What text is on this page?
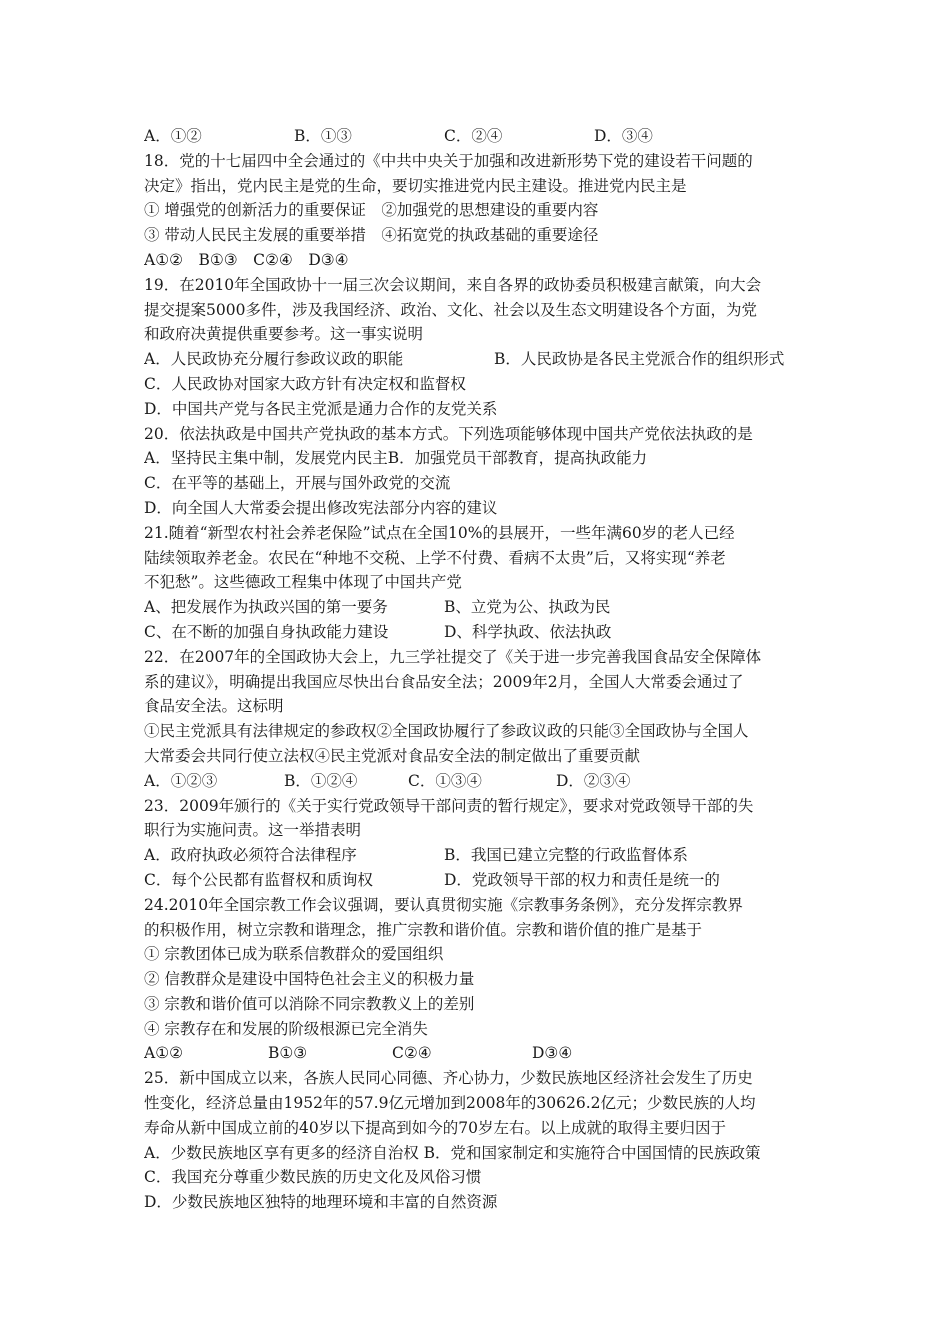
A．①②	B．①③	C．②④	D．③④
18．党的十七届四中全会通过的《中共中央关于加强和改进新形势下党的建设若干问题的
决定》指出，党内民主是党的生命，要切实推进党内民主建设。推进党内民主是
① 增强党的创新活力的重要保证　②加强党的思想建设的重要内容
③ 带动人民民主发展的重要举措　④拓宽党的执政基础的重要途径
A①②　B①③　C②④　D③④
19．在2010年全国政协十一届三次会议期间，来自各界的政协委员积极建言献策，向大会
提交提案5000多件，涉及我国经济、政治、文化、社会以及生态文明建设各个方面，为党
和政府决黄提供重要参考。这一事实说明
A．人民政协充分履行参政议政的职能	B．人民政协是各民主党派合作的组织形式
C．人民政协对国家大政方针有决定权和监督权
D．中国共产党与各民主党派是通力合作的友党关系
20．依法执政是中国共产党执政的基本方式。下列选项能够体现中国共产党依法执政的是
A．坚持民主集中制，发展党内民主B．加强党员干部教育，提高执政能力
C．在平等的基础上，开展与国外政党的交流
D．向全国人大常委会提出修改宪法部分内容的建议
21.随着“新型农村社会养老保险”试点在全国10%的县展开，一些年满60岁的老人已经
陆续领取养老金。农民在“种地不交税、上学不付费、看病不太贵”后，又将实现“养老
不犯愁”。这些德政工程集中体现了中国共产党
A、把发展作为执政兴国的第一要务	B、立党为公、执政为民
C、在不断的加强自身执政能力建设	D、科学执政、依法执政
22．在2007年的全国政协大会上，九三学社提交了《关于进一步完善我国食品安全保障体
系的建议》，明确提出我国应尽快出台食品安全法；2009年2月，全国人大常委会通过了
食品安全法。这标明
①民主党派具有法律规定的参政权②全国政协履行了参政议政的只能③全国政协与全国人
大常委会共同行使立法权④民主党派对食品安全法的制定做出了重要贡献
A．①②③	B．①②④	C．①③④	D．②③④
23．2009年颁行的《关于实行党政领导干部问责的暂行规定》，要求对党政领导干部的失
职行为实施问责。这一举措表明
A．政府执政必须符合法律程序	B．我国已建立完整的行政监督体系
C．每个公民都有监督权和质询权	D．党政领导干部的权力和责任是统一的
24.2010年全国宗教工作会议强调，要认真贯彻实施《宗教事务条例》，充分发挥宗教界
的积极作用，树立宗教和谐理念，推广宗教和谐价值。宗教和谐价值的推广是基于
① 宗教团体已成为联系信教群众的爱国组织
② 信教群众是建设中国特色社会主义的积极力量
③ 宗教和谐价值可以消除不同宗教教义上的差别
④ 宗教存在和发展的阶级根源已完全消失
A①②	B①③	C②④	D③④
25．新中国成立以来，各族人民同心同德、齐心协力，少数民族地区经济社会发生了历史
性变化，经济总量由1952年的57.9亿元增加到2008年的30626.2亿元；少数民族的人均
寿命从新中国成立前的40岁以下提高到如今的70岁左右。以上成就的取得主要归因于
A．少数民族地区享有更多的经济自治权 B．党和国家制定和实施符合中国国情的民族政策
C．我国充分尊重少数民族的历史文化及风俗习惯
D．少数民族地区独特的地理环境和丰富的自然资源
